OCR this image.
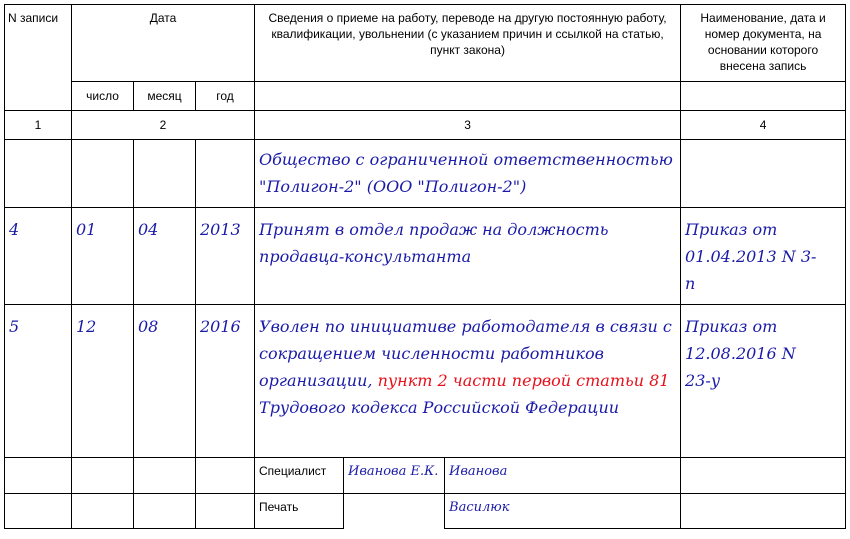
N записи	Дата			Сведения о приеме на работу, переводе на другую постоянную работу, квалификации, увольнении (с указанием причин и ссылкой на статью, пункт закона)			Наименование, дата и номер документа, на основании которого внесена запись
	число	месяц	год				
1	2			3			4

				Общество с ограниченной ответственностью
"Полигон-2" (ООО "Полигон-2")			

4	01	04	2013	Принят в отдел продаж на должность
продавца-консультанта			Приказ от
01.04.2013 N 3-
п

5	12	08	2016	Уволен по инициативе работодателя в связи с
сокращением численности работников
организации, пункт 2 части первой статьи 81
Трудового кодекса Российской Федерации			Приказ от
12.08.2016 N
23-у

				Специалист	Иванова Е.К.	Иванова	
				Печать		Василюк	
